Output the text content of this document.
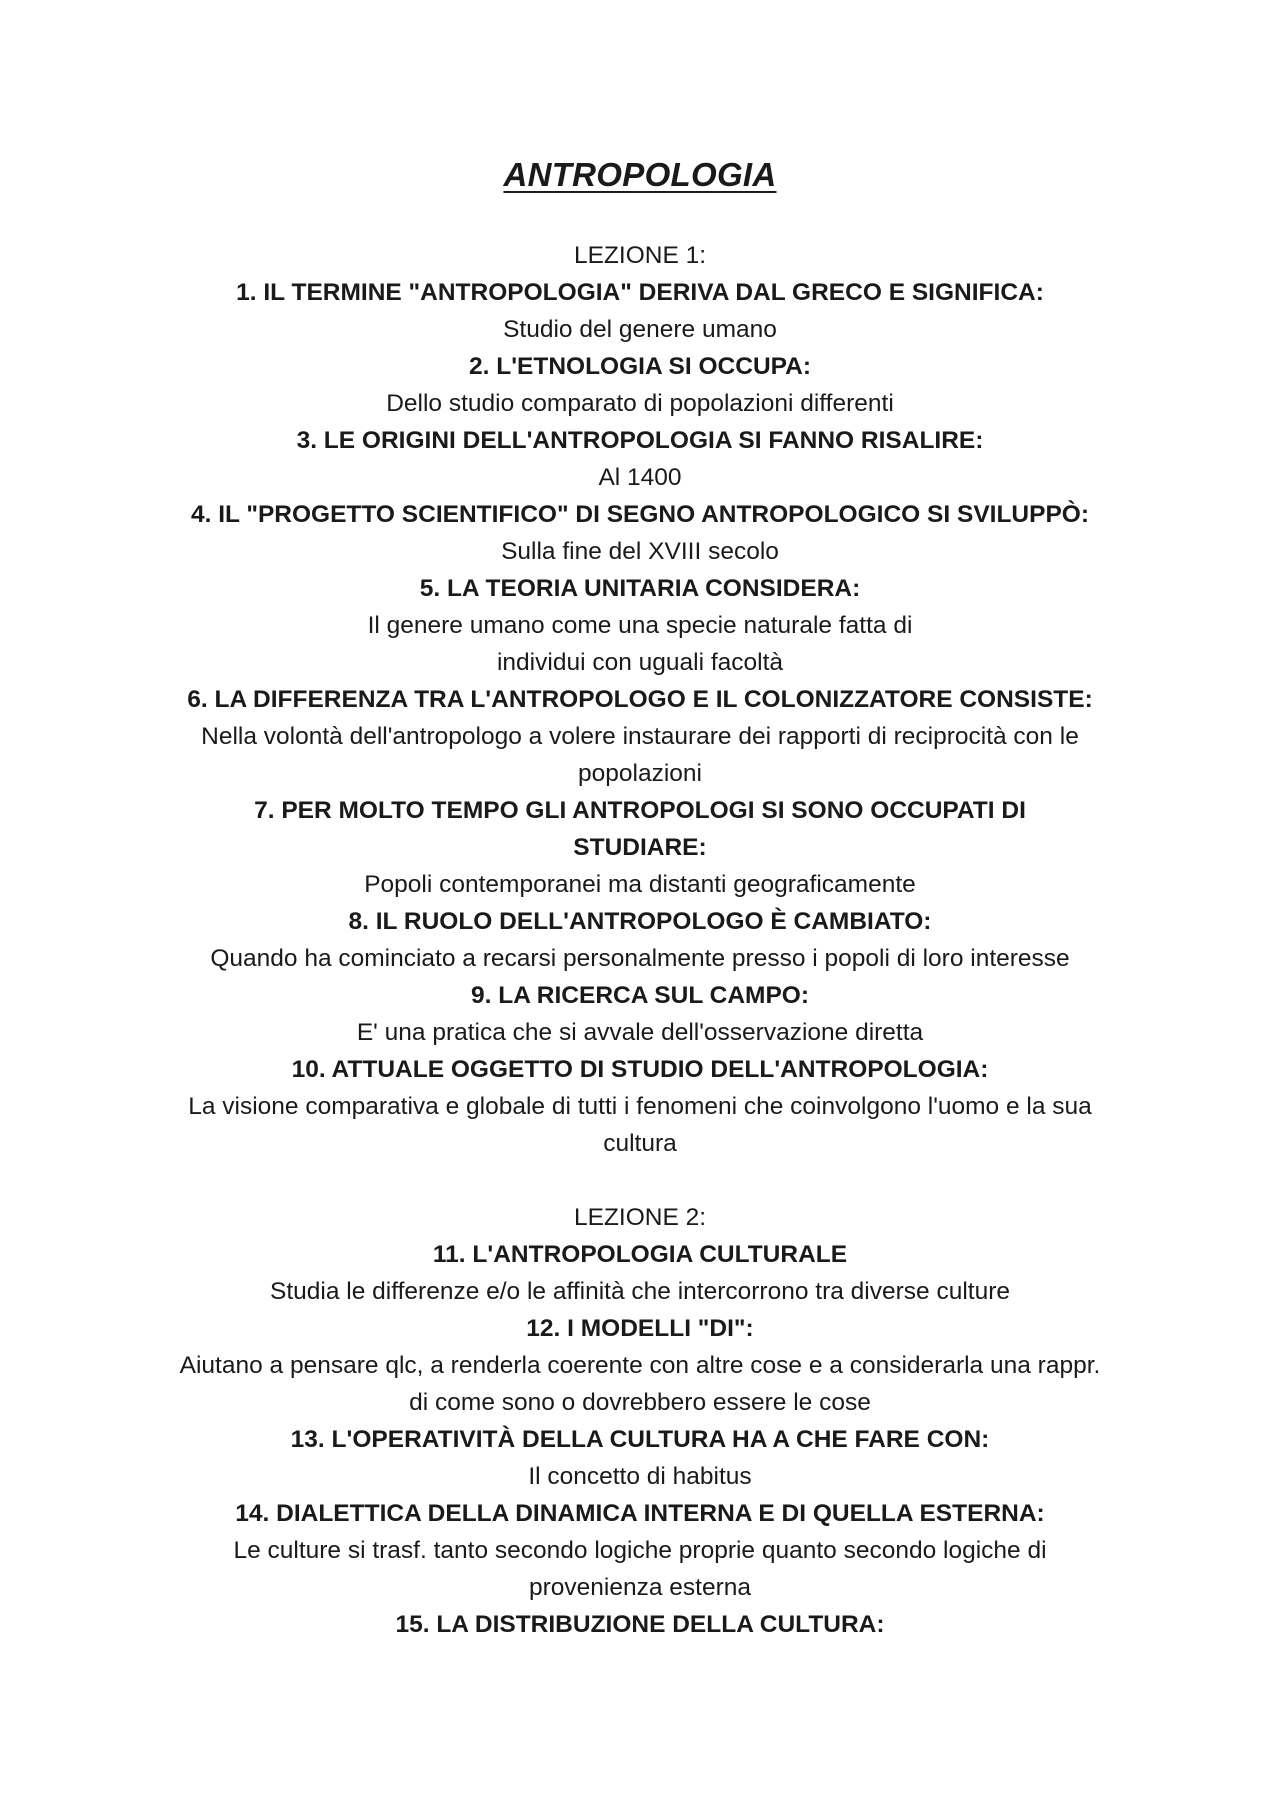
ANTROPOLOGIA
LEZIONE 1:
1. IL TERMINE "ANTROPOLOGIA" DERIVA DAL GRECO E SIGNIFICA:
Studio del genere umano
2. L'ETNOLOGIA SI OCCUPA:
Dello studio comparato di popolazioni differenti
3. LE ORIGINI DELL'ANTROPOLOGIA SI FANNO RISALIRE:
Al 1400
4. IL "PROGETTO SCIENTIFICO" DI SEGNO ANTROPOLOGICO SI SVILUPPÒ:
Sulla fine del XVIII secolo
5. LA TEORIA UNITARIA CONSIDERA:
Il genere umano come una specie naturale fatta di
individui con uguali facoltà
6. LA DIFFERENZA TRA L'ANTROPOLOGO E IL COLONIZZATORE CONSISTE:
Nella volontà dell'antropologo a volere instaurare dei rapporti di reciprocità con le
popolazioni
7. PER MOLTO TEMPO GLI ANTROPOLOGI SI SONO OCCUPATI DI
STUDIARE:
Popoli contemporanei ma distanti geograficamente
8. IL RUOLO DELL'ANTROPOLOGO È CAMBIATO:
Quando ha cominciato a recarsi personalmente presso i popoli di loro interesse
9. LA RICERCA SUL CAMPO:
E' una pratica che si avvale dell'osservazione diretta
10. ATTUALE OGGETTO DI STUDIO DELL'ANTROPOLOGIA:
La visione comparativa e globale di tutti i fenomeni che coinvolgono l'uomo e la sua
cultura
LEZIONE 2:
11. L'ANTROPOLOGIA CULTURALE
Studia le differenze e/o le affinità che intercorrono tra diverse culture
12. I MODELLI "DI":
Aiutano a pensare qlc, a renderla coerente con altre cose e a considerarla una rappr.
di come sono o dovrebbero essere le cose
13. L'OPERATIVITÀ DELLA CULTURA HA A CHE FARE CON:
Il concetto di habitus
14. DIALETTICA DELLA DINAMICA INTERNA E DI QUELLA ESTERNA:
Le culture si trasf. tanto secondo logiche proprie quanto secondo logiche di
provenienza esterna
15. LA DISTRIBUZIONE DELLA CULTURA:
